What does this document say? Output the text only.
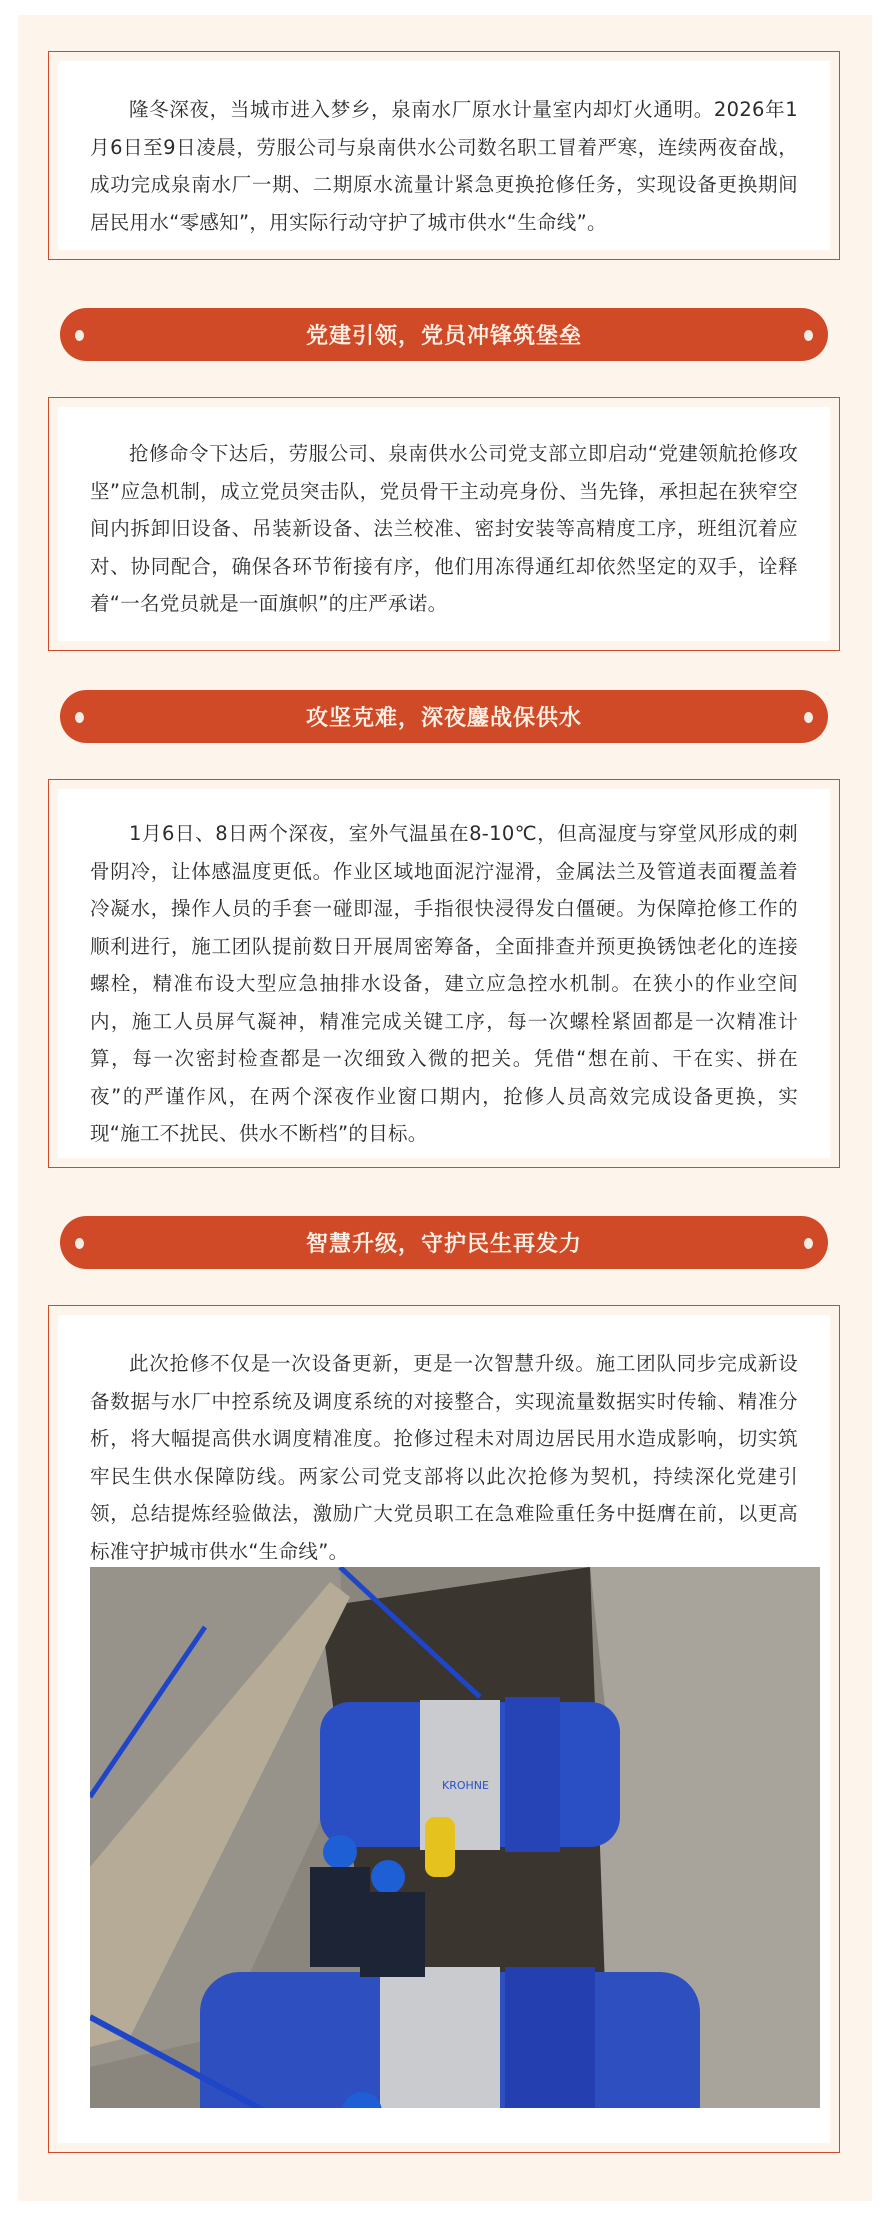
隆冬深夜，当城市进入梦乡，泉南水厂原水计量室内却灯火通明。2026年1月6日至9日凌晨，劳服公司与泉南供水公司数名职工冒着严寒，连续两夜奋战，成功完成泉南水厂一期、二期原水流量计紧急更换抢修任务，实现设备更换期间居民用水“零感知”，用实际行动守护了城市供水“生命线”。

党建引领，党员冲锋筑堡垒

抢修命令下达后，劳服公司、泉南供水公司党支部立即启动“党建领航抢修攻坚”应急机制，成立党员突击队，党员骨干主动亮身份、当先锋，承担起在狭窄空间内拆卸旧设备、吊装新设备、法兰校准、密封安装等高精度工序，班组沉着应对、协同配合，确保各环节衔接有序，他们用冻得通红却依然坚定的双手，诠释着“一名党员就是一面旗帜”的庄严承诺。

攻坚克难，深夜鏖战保供水

1月6日、8日两个深夜，室外气温虽在8-10℃，但高湿度与穿堂风形成的刺骨阴冷，让体感温度更低。作业区域地面泥泞湿滑，金属法兰及管道表面覆盖着冷凝水，操作人员的手套一碰即湿，手指很快浸得发白僵硬。为保障抢修工作的顺利进行，施工团队提前数日开展周密筹备，全面排查并预更换锈蚀老化的连接螺栓，精准布设大型应急抽排水设备，建立应急控水机制。在狭小的作业空间内，施工人员屏气凝神，精准完成关键工序，每一次螺栓紧固都是一次精准计算，每一次密封检查都是一次细致入微的把关。凭借“想在前、干在实、拼在夜”的严谨作风，在两个深夜作业窗口期内，抢修人员高效完成设备更换，实现“施工不扰民、供水不断档”的目标。

智慧升级，守护民生再发力

此次抢修不仅是一次设备更新，更是一次智慧升级。施工团队同步完成新设备数据与水厂中控系统及调度系统的对接整合，实现流量数据实时传输、精准分析，将大幅提高供水调度精准度。抢修过程未对周边居民用水造成影响，切实筑牢民生供水保障防线。两家公司党支部将以此次抢修为契机，持续深化党建引领，总结提炼经验做法，激励广大党员职工在急难险重任务中挺膺在前，以更高标准守护城市供水“生命线”。

KROHNE
